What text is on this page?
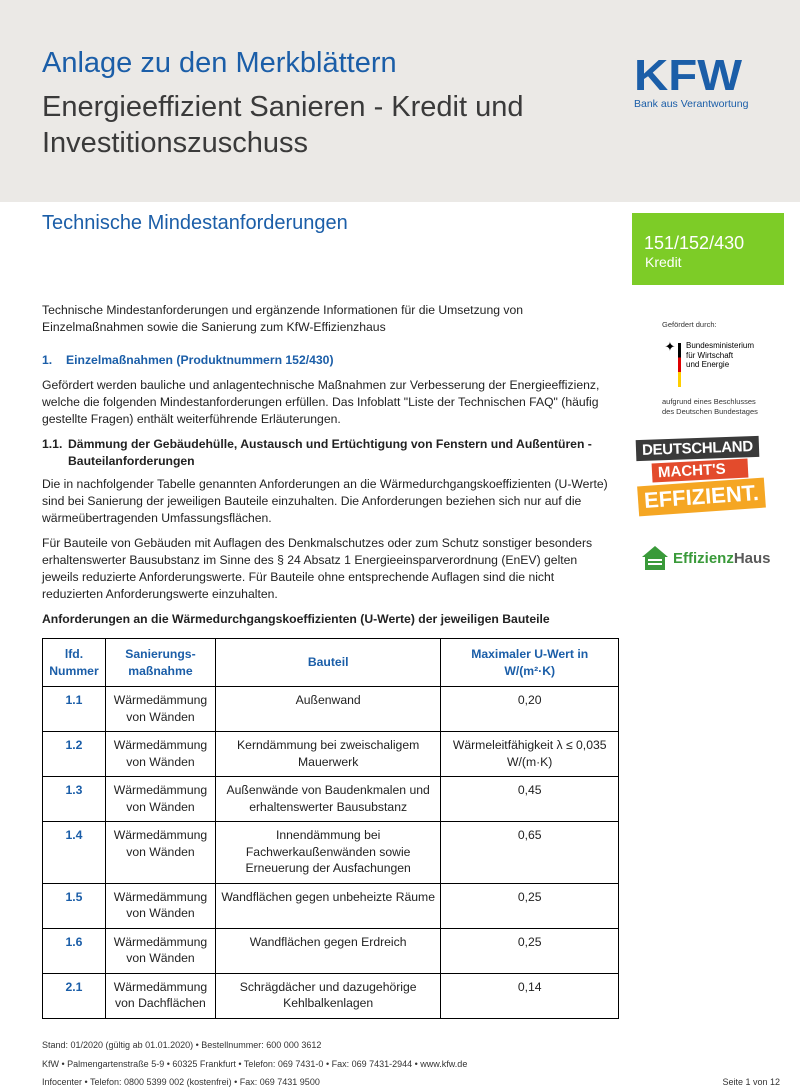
Anlage zu den Merkblättern
Energieeffizient Sanieren - Kredit und Investitionszuschuss
KFW
Bank aus Verantwortung
Technische Mindestanforderungen
151/152/430
Kredit
Gefördert durch:
✦	Bundesministerium
für Wirtschaft
und Energie
aufgrund eines Beschlusses
des Deutschen Bundestages
DEUTSCHLAND
MACHT'S
EFFIZIENT.
EffizienzHaus
Technische Mindestanforderungen und ergänzende Informationen für die Umsetzung von Einzelmaßnahmen sowie die Sanierung zum KfW-Effizienzhaus
1. Einzelmaßnahmen (Produktnummern 152/430)
Gefördert werden bauliche und anlagentechnische Maßnahmen zur Verbesserung der Energieeffizienz, welche die folgenden Mindestanforderungen erfüllen. Das Infoblatt "Liste der Technischen FAQ" (häufig gestellte Fragen) enthält weiterführende Erläuterungen.
1.1. Dämmung der Gebäudehülle, Austausch und Ertüchtigung von Fenstern und Außentüren - Bauteilanforderungen
Die in nachfolgender Tabelle genannten Anforderungen an die Wärmedurchgangskoeffizienten (U-Werte) sind bei Sanierung der jeweiligen Bauteile einzuhalten. Die Anforderungen beziehen sich nur auf die wärmeübertragenden Umfassungsflächen.
Für Bauteile von Gebäuden mit Auflagen des Denkmalschutzes oder zum Schutz sonstiger besonders erhaltenswerter Bausubstanz im Sinne des § 24 Absatz 1 Energieeinsparverordnung (EnEV) gelten jeweils reduzierte Anforderungswerte. Für Bauteile ohne entsprechende Auflagen sind die nicht reduzierten Anforderungswerte einzuhalten.
Anforderungen an die Wärmedurchgangskoeffizienten (U-Werte) der jeweiligen Bauteile
lfd. Nummer	Sanierungs- maßnahme	Bauteil	Maximaler U-Wert in W/(m²·K)
1.1	Wärmedämmung von Wänden	Außenwand	0,20
1.2	Wärmedämmung von Wänden	Kerndämmung bei zweischaligem Mauerwerk	Wärmeleitfähigkeit λ ≤ 0,035 W/(m·K)
1.3	Wärmedämmung von Wänden	Außenwände von Baudenkmalen und erhaltenswerter Bausubstanz	0,45
1.4	Wärmedämmung von Wänden	Innendämmung bei Fachwerkaußenwänden sowie Erneuerung der Ausfachungen	0,65
1.5	Wärmedämmung von Wänden	Wandflächen gegen unbeheizte Räume	0,25
1.6	Wärmedämmung von Wänden	Wandflächen gegen Erdreich	0,25
2.1	Wärmedämmung von Dachflächen	Schrägdächer und dazugehörige Kehlbalkenlagen	0,14
Stand: 01/2020 (gültig ab 01.01.2020) • Bestellnummer: 600 000 3612
KfW • Palmengartenstraße 5-9 • 60325 Frankfurt • Telefon: 069 7431-0 • Fax: 069 7431-2944 • www.kfw.de
Infocenter • Telefon: 0800 5399 002 (kostenfrei) • Fax: 069 7431 9500	Seite 1 von 12
